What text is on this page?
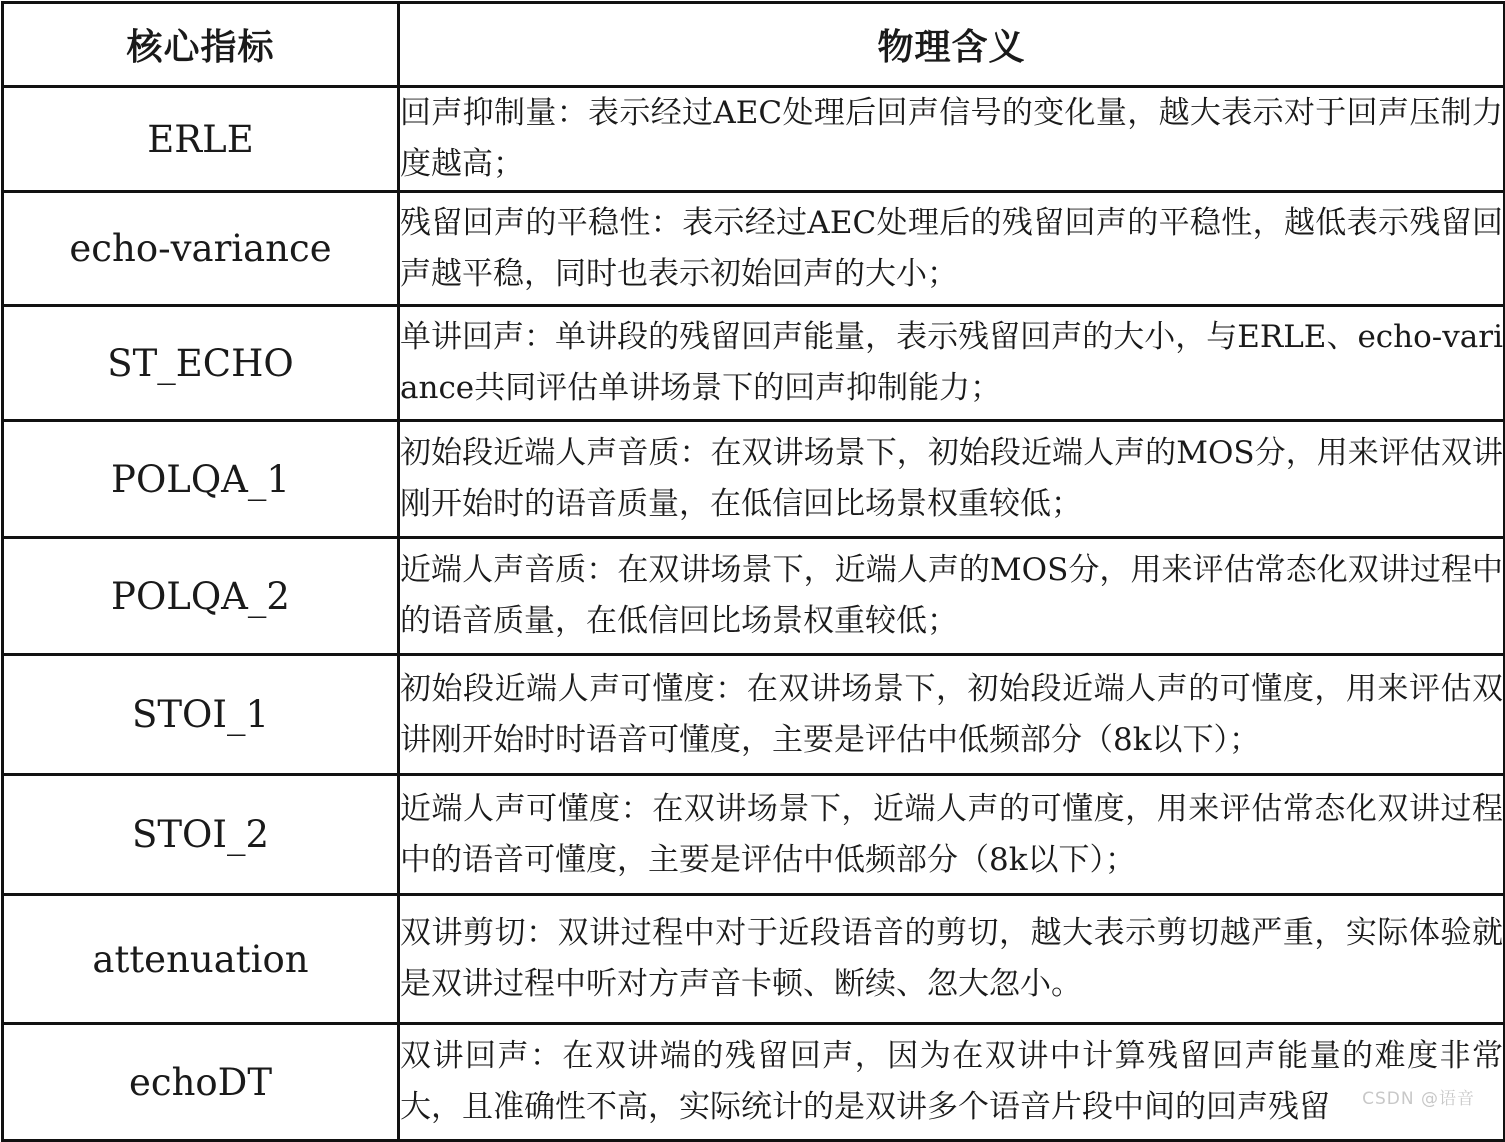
核心指标	物理含义
ERLE	回声抑制量：表示经过AEC处理后回声信号的变化量，越大表示对于回声压制力度越高；
echo-variance	残留回声的平稳性：表示经过AEC处理后的残留回声的平稳性，越低表示残留回声越平稳，同时也表示初始回声的大小；
ST_ECHO	单讲回声：单讲段的残留回声能量，表示残留回声的大小，与ERLE、echo-variance共同评估单讲场景下的回声抑制能力；
POLQA_1	初始段近端人声音质：在双讲场景下，初始段近端人声的MOS分，用来评估双讲刚开始时的语音质量，在低信回比场景权重较低；
POLQA_2	近端人声音质：在双讲场景下，近端人声的MOS分，用来评估常态化双讲过程中的语音质量，在低信回比场景权重较低；
STOI_1	初始段近端人声可懂度：在双讲场景下，初始段近端人声的可懂度，用来评估双讲刚开始时时语音可懂度，主要是评估中低频部分（8k以下）；
STOI_2	近端人声可懂度：在双讲场景下，近端人声的可懂度，用来评估常态化双讲过程中的语音可懂度，主要是评估中低频部分（8k以下）；
attenuation	双讲剪切：双讲过程中对于近段语音的剪切，越大表示剪切越严重，实际体验就是双讲过程中听对方声音卡顿、断续、忽大忽小。
echoDT	双讲回声：在双讲端的残留回声，因为在双讲中计算残留回声能量的难度非常大，且准确性不高，实际统计的是双讲多个语音片段中间的回声残留 CSDN @语音
